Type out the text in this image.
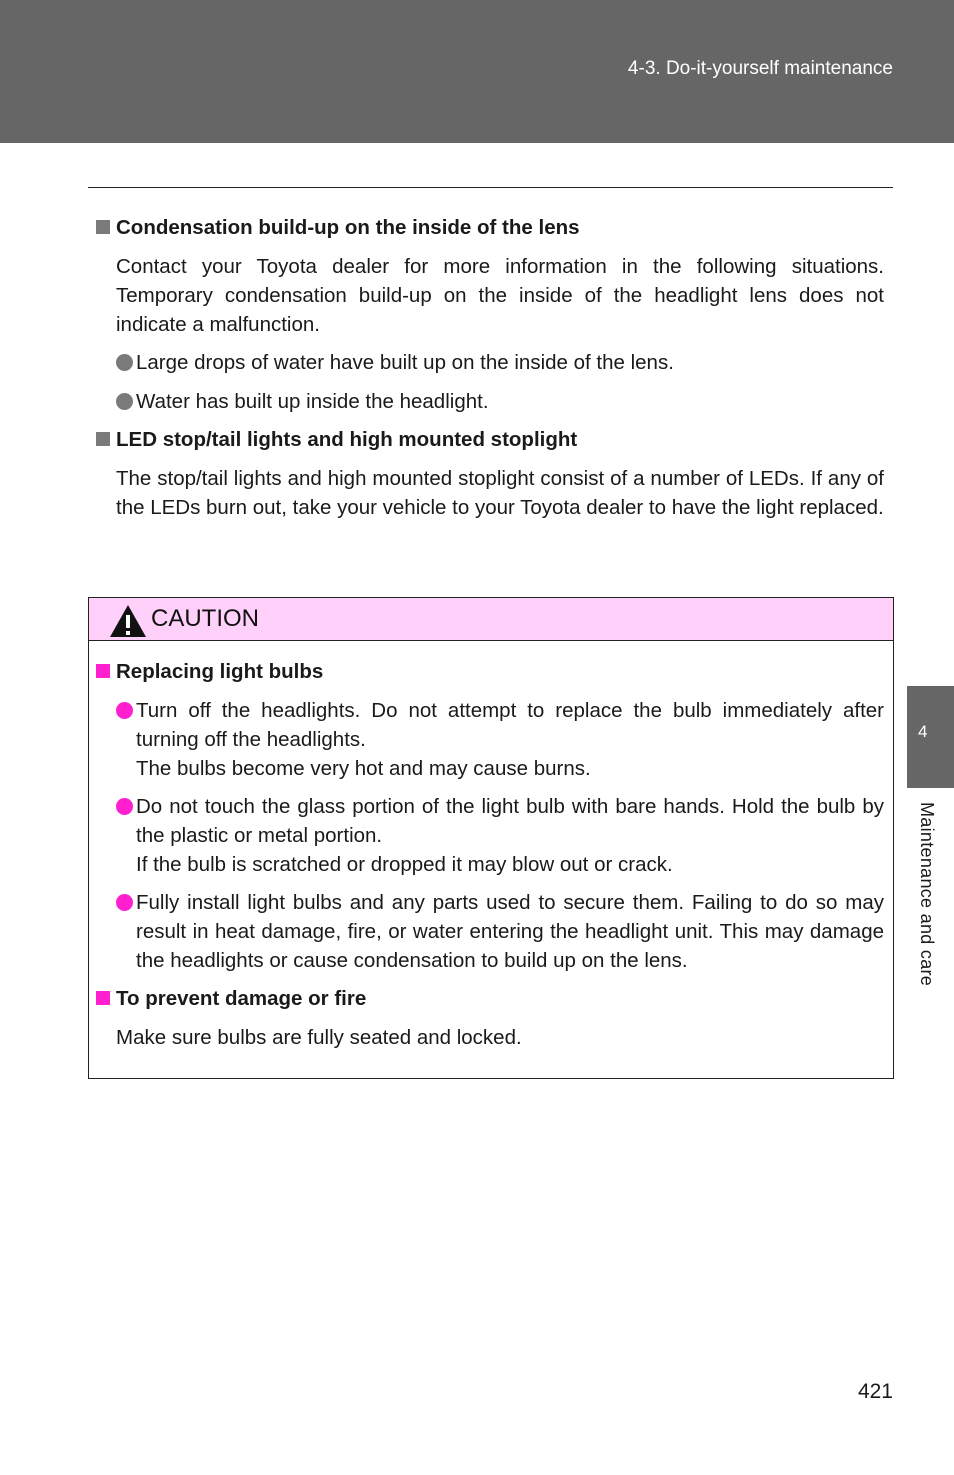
4-3. Do-it-yourself maintenance
Condensation build-up on the inside of the lens
Contact your Toyota dealer for more information in the following situations. Temporary condensation build-up on the inside of the headlight lens does not indicate a malfunction.
Large drops of water have built up on the inside of the lens.
Water has built up inside the headlight.
LED stop/tail lights and high mounted stoplight
The stop/tail lights and high mounted stoplight consist of a number of LEDs. If any of the LEDs burn out, take your vehicle to your Toyota dealer to have the light replaced.
CAUTION
Replacing light bulbs
Turn off the headlights. Do not attempt to replace the bulb immediately after turning off the headlights.
The bulbs become very hot and may cause burns.
Do not touch the glass portion of the light bulb with bare hands. Hold the bulb by the plastic or metal portion.
If the bulb is scratched or dropped it may blow out or crack.
Fully install light bulbs and any parts used to secure them. Failing to do so may result in heat damage, fire, or water entering the headlight unit. This may damage the headlights or cause condensation to build up on the lens.
To prevent damage or fire
Make sure bulbs are fully seated and locked.
4
Maintenance and care
421
